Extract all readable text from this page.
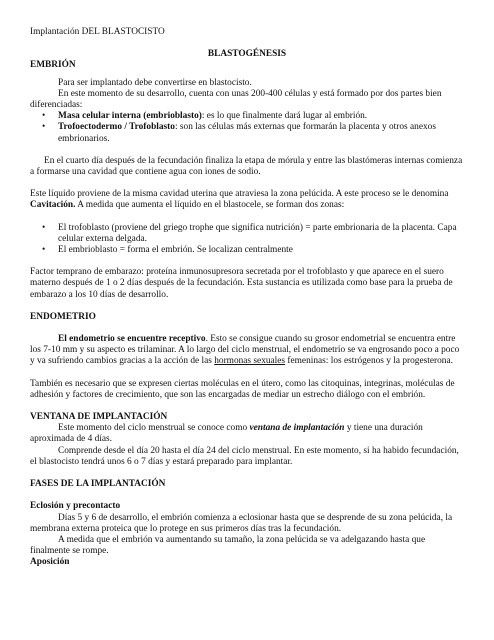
Implantación DEL BLASTOCISTO

BLASTOGÉNESIS

EMBRIÓN

Para ser implantado debe convertirse en blastocisto.

En este momento de su desarrollo, cuenta con unas 200-400 células y está formado por dos partes bien diferenciadas:

• Masa celular interna (embrioblasto): es lo que finalmente dará lugar al embrión.
• Trofoectodermo / Trofoblasto: son las células más externas que formarán la placenta y otros anexos embrionarios.

En el cuarto día después de la fecundación finaliza la etapa de mórula y entre las blastómeras internas comienza a formarse una cavidad que contiene agua con iones de sodio.

Este líquido proviene de la misma cavidad uterina que atraviesa la zona pelúcida. A este proceso se le denomina Cavitación. A medida que aumenta el líquido en el blastocele, se forman dos zonas:

• El trofoblasto (proviene del griego trophe que significa nutrición) = parte embrionaria de la placenta. Capa celular externa delgada.
• El embrioblasto = forma el embrión. Se localizan centralmente

Factor temprano de embarazo: proteína inmunosupresora secretada por el trofoblasto y que aparece en el suero materno después de 1 o 2 días después de la fecundación. Esta sustancia es utilizada como base para la prueba de embarazo a los 10 días de desarrollo.

ENDOMETRIO

El endometrio se encuentre receptivo. Esto se consigue cuando su grosor endometrial se encuentra entre los 7-10 mm y su aspecto es trilaminar. A lo largo del ciclo menstrual, el endometrio se va engrosando poco a poco y va sufriendo cambios gracias a la acción de las hormonas sexuales femeninas: los estrógenos y la progesterona.

También es necesario que se expresen ciertas moléculas en el útero, como las citoquinas, integrinas, moléculas de adhesión y factores de crecimiento, que son las encargadas de mediar un estrecho diálogo con el embrión.

VENTANA DE IMPLANTACIÓN

Este momento del ciclo menstrual se conoce como ventana de implantación y tiene una duración aproximada de 4 días.

Comprende desde el día 20 hasta el día 24 del ciclo menstrual. En este momento, si ha habido fecundación, el blastocisto tendrá unos 6 o 7 días y estará preparado para implantar.

FASES DE LA IMPLANTACIÓN

Eclosión y precontacto

Días 5 y 6 de desarrollo, el embrión comienza a eclosionar hasta que se desprende de su zona pelúcida, la membrana externa proteica que lo protege en sus primeros días tras la fecundación.

A medida que el embrión va aumentando su tamaño, la zona pelúcida se va adelgazando hasta que finalmente se rompe.

Aposición
